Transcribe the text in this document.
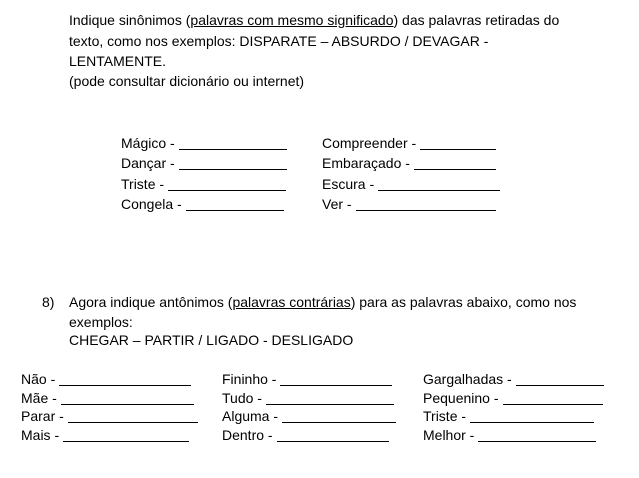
Indique sinônimos (palavras com mesmo significado) das palavras retiradas do
texto, como nos exemplos: DISPARATE – ABSURDO / DEVAGAR -
LENTAMENTE.
(pode consultar dicionário ou internet)
Mágico -
Dançar -
Triste -
Congela -
Compreender -
Embaraçado -
Escura -
Ver -
8) Agora indique antônimos (palavras contrárias) para as palavras abaixo, como nos
exemplos:
CHEGAR – PARTIR / LIGADO - DESLIGADO
Não -
Mãe -
Parar -
Mais -
Fininho -
Tudo -
Alguma -
Dentro -
Gargalhadas -
Pequenino -
Triste -
Melhor -
